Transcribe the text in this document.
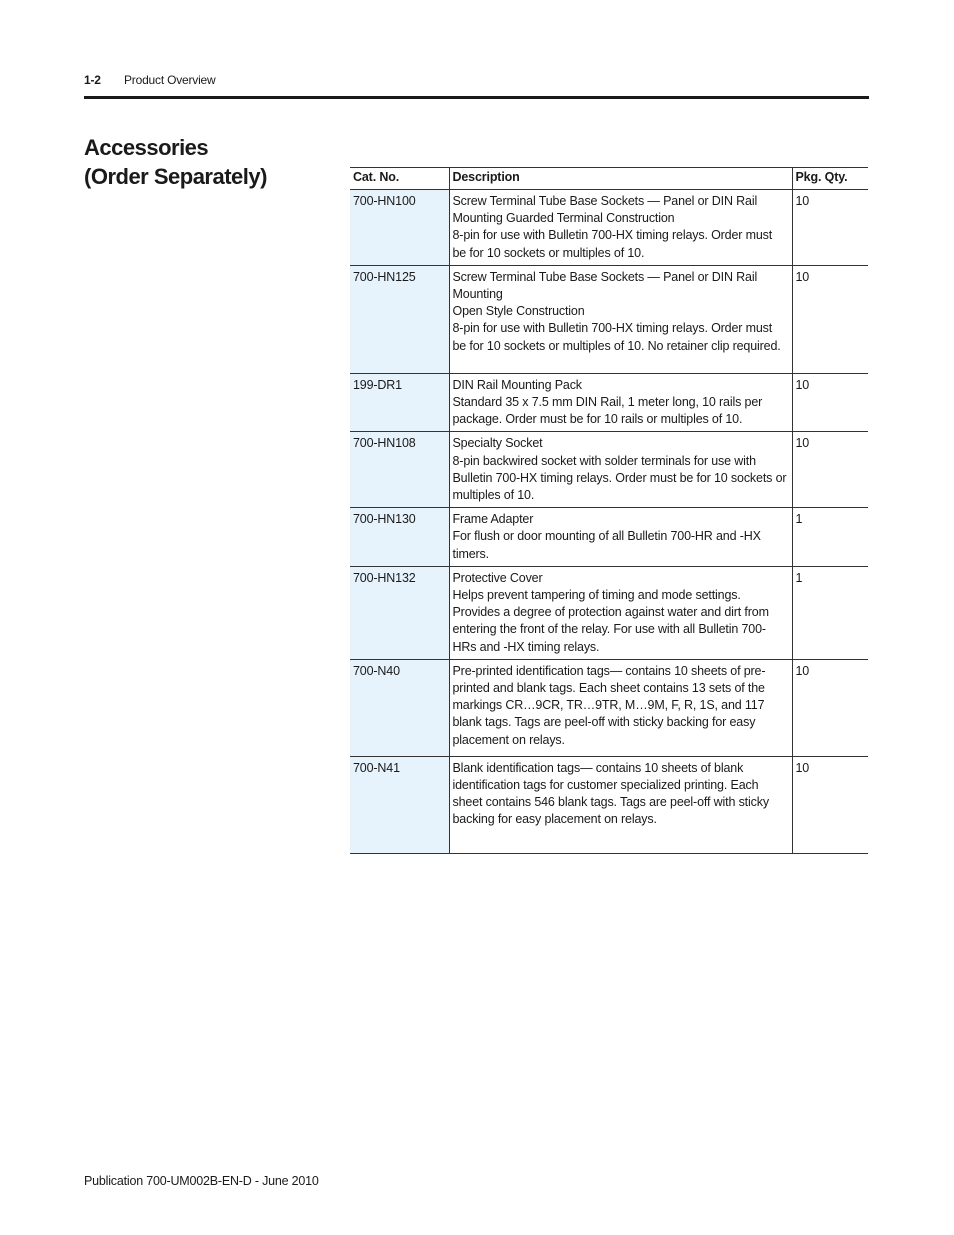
1-2 Product Overview
Accessories
(Order Separately)	Cat. No.	Description	Pkg. Qty.
700-HN100	Screw Terminal Tube Base Sockets — Panel or DIN Rail Mounting Guarded Terminal Construction
8-pin for use with Bulletin 700-HX timing relays. Order must be for 10 sockets or multiples of 10.	10
700-HN125	Screw Terminal Tube Base Sockets — Panel or DIN Rail Mounting
Open Style Construction
8-pin for use with Bulletin 700-HX timing relays. Order must be for 10 sockets or multiples of 10. No retainer clip required.	10
199-DR1	DIN Rail Mounting Pack
Standard 35 x 7.5 mm DIN Rail, 1 meter long, 10 rails per package. Order must be for 10 rails or multiples of 10.	10
700-HN108	Specialty Socket
8-pin backwired socket with solder terminals for use with Bulletin 700-HX timing relays. Order must be for 10 sockets or multiples of 10.	10
700-HN130	Frame Adapter
For flush or door mounting of all Bulletin 700-HR and -HX timers.	1
700-HN132	Protective Cover
Helps prevent tampering of timing and mode settings. Provides a degree of protection against water and dirt from entering the front of the relay. For use with all Bulletin 700-HRs and -HX timing relays.	1
700-N40	Pre-printed identification tags— contains 10 sheets of pre-printed and blank tags. Each sheet contains 13 sets of the markings CR…9CR, TR…9TR, M…9M, F, R, 1S, and 117 blank tags. Tags are peel-off with sticky backing for easy placement on relays.	10
700-N41	Blank identification tags— contains 10 sheets of blank identification tags for customer specialized printing. Each sheet contains 546 blank tags. Tags are peel-off with sticky backing for easy placement on relays.	10
Publication 700-UM002B-EN-D - June 2010
